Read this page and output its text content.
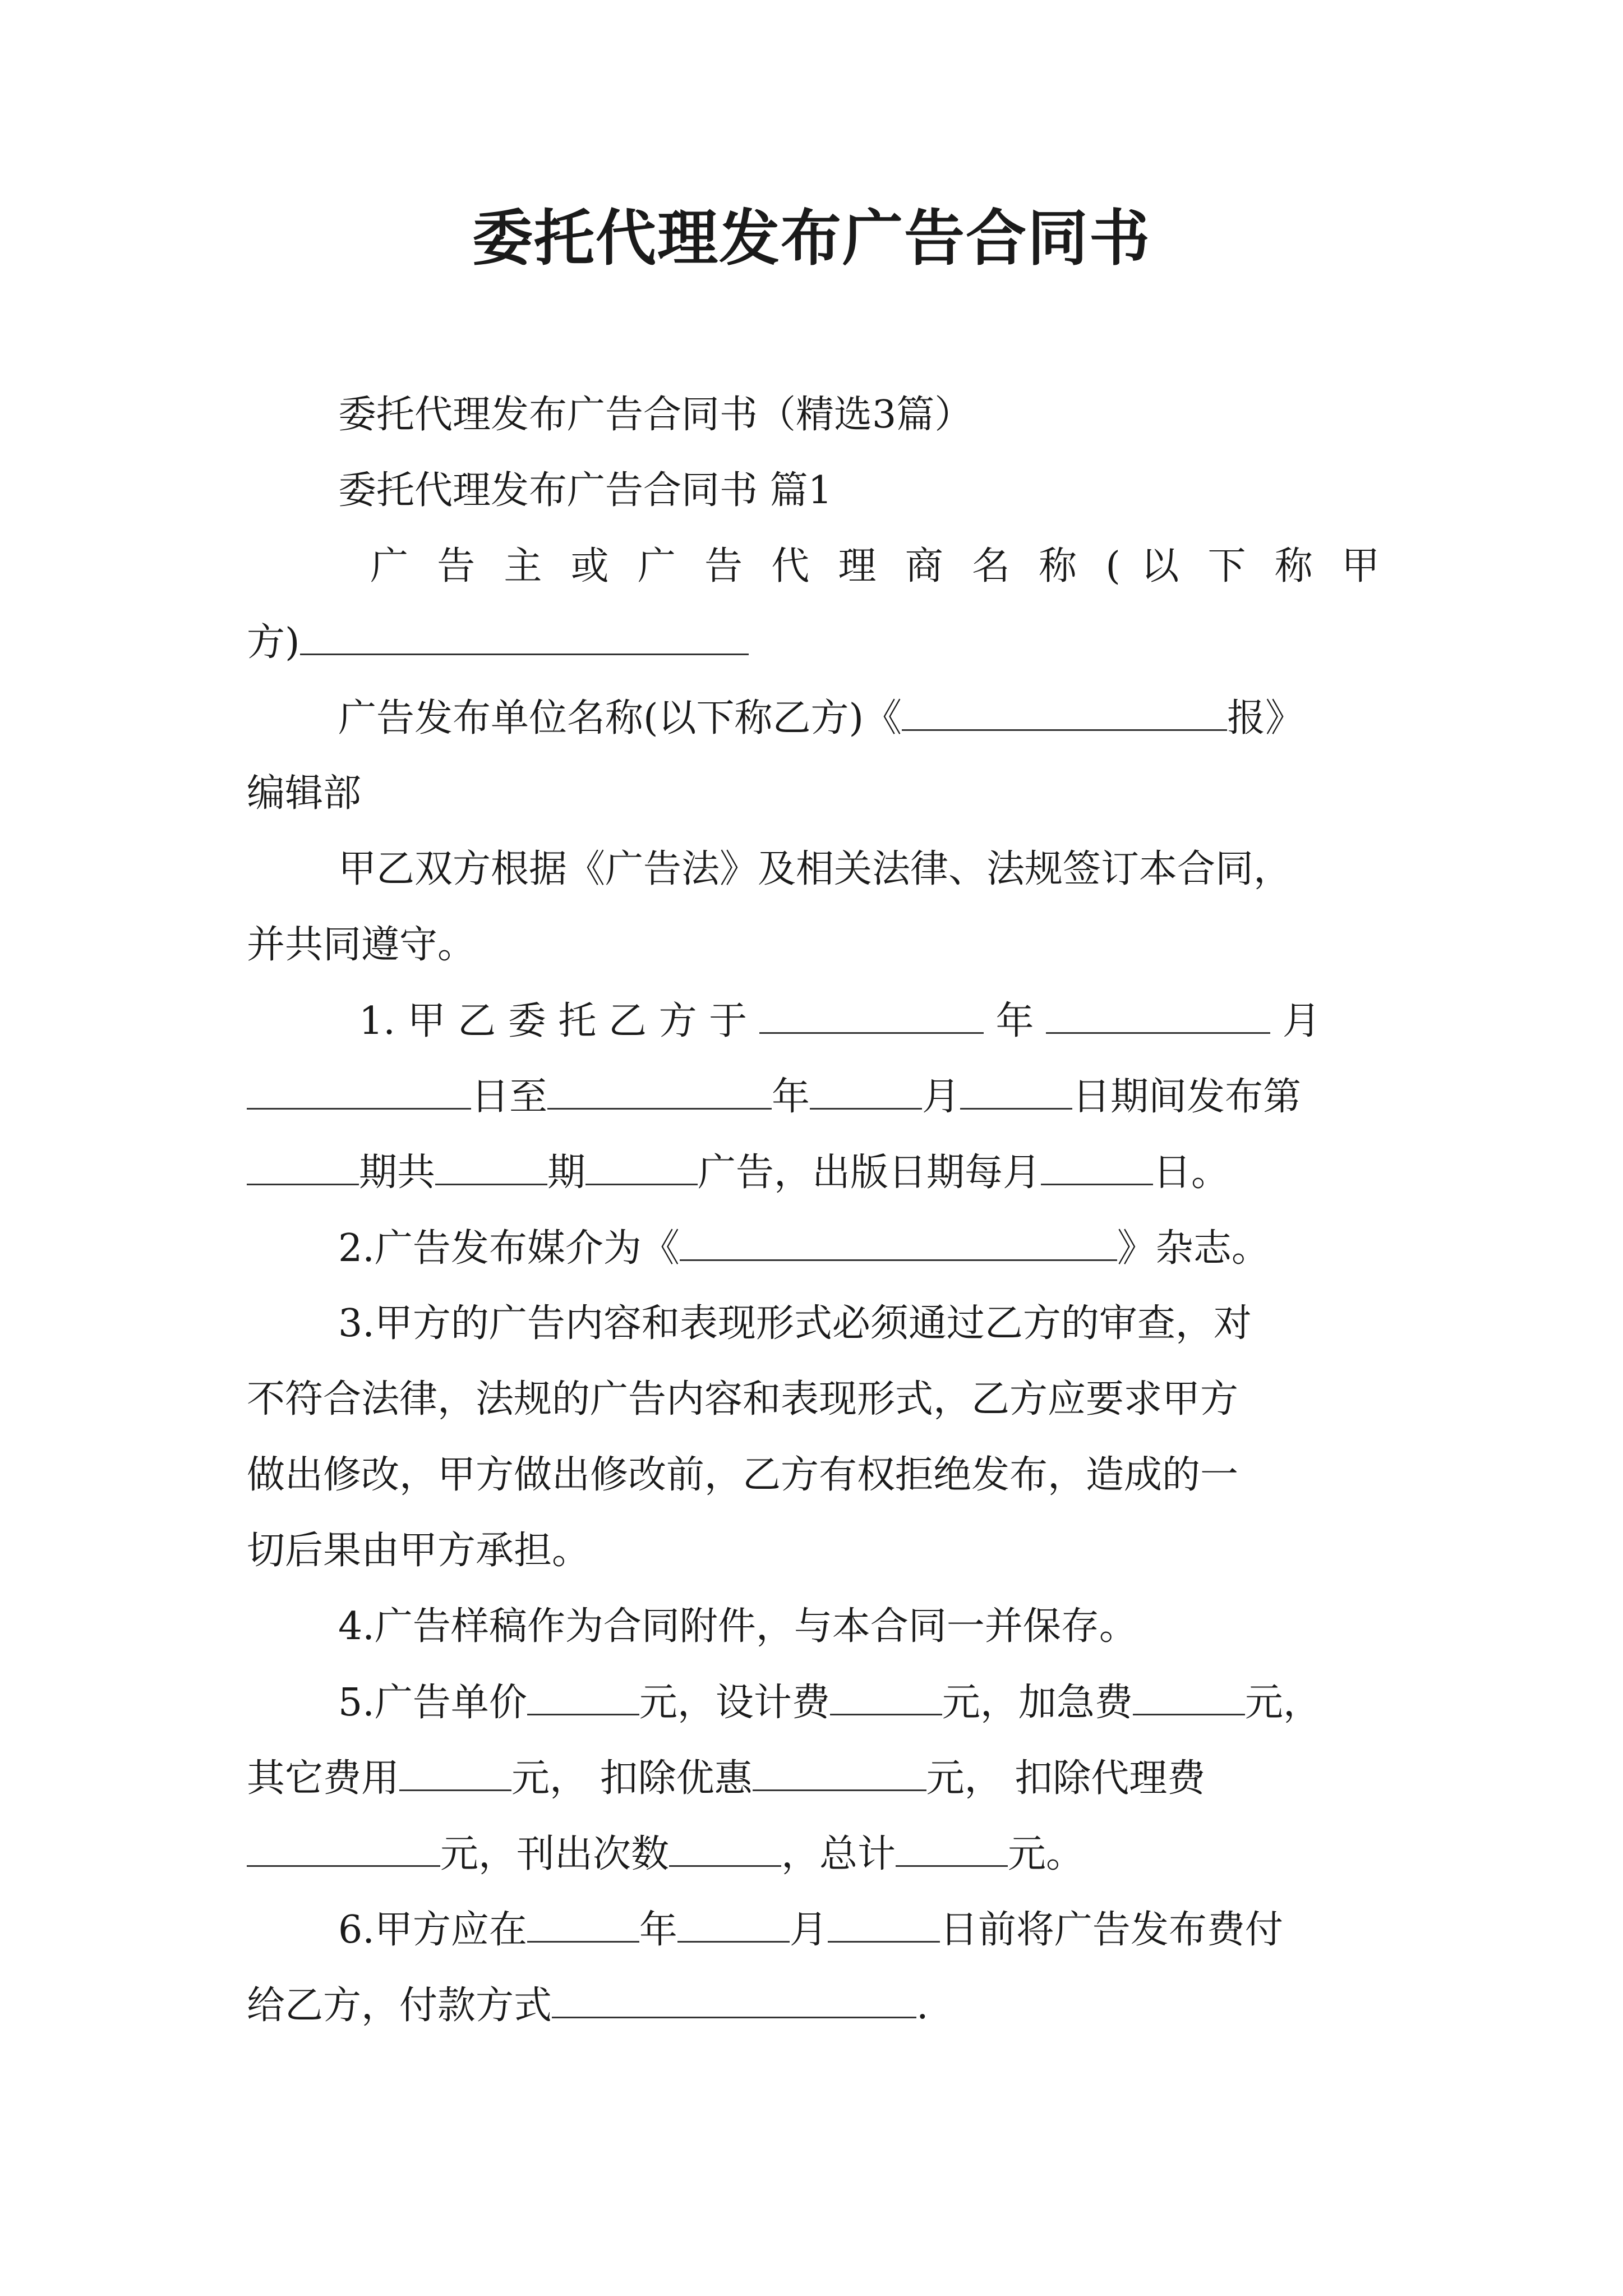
委托代理发布广告合同书

委托代理发布广告合同书（精选3篇）

委托代理发布广告合同书 篇1

广 告 主 或 广 告 代 理 商 名 称 ( 以 下 称 甲

方)

广告发布单位名称(以下称乙方)《	报》

编辑部

甲乙双方根据《广告法》及相关法律、法规签订本合同，

并共同遵守。

1. 甲 乙 委 托 乙 方 于	年	月

日至	年	月	日期间发布第

期共	期	广告，出版日期每月	日。

2.广告发布媒介为《	》杂志。

3.甲方的广告内容和表现形式必须通过乙方的审查，对

不符合法律，法规的广告内容和表现形式，乙方应要求甲方

做出修改，甲方做出修改前，乙方有权拒绝发布，造成的一

切后果由甲方承担。

4.广告样稿作为合同附件，与本合同一并保存。

5.广告单价	元，设计费	元，加急费	元，

其它费用	元， 扣除优惠	元， 扣除代理费

元，刊出次数	，总计	元。

6.甲方应在	年	月	日前将广告发布费付

给乙方，付款方式	.
